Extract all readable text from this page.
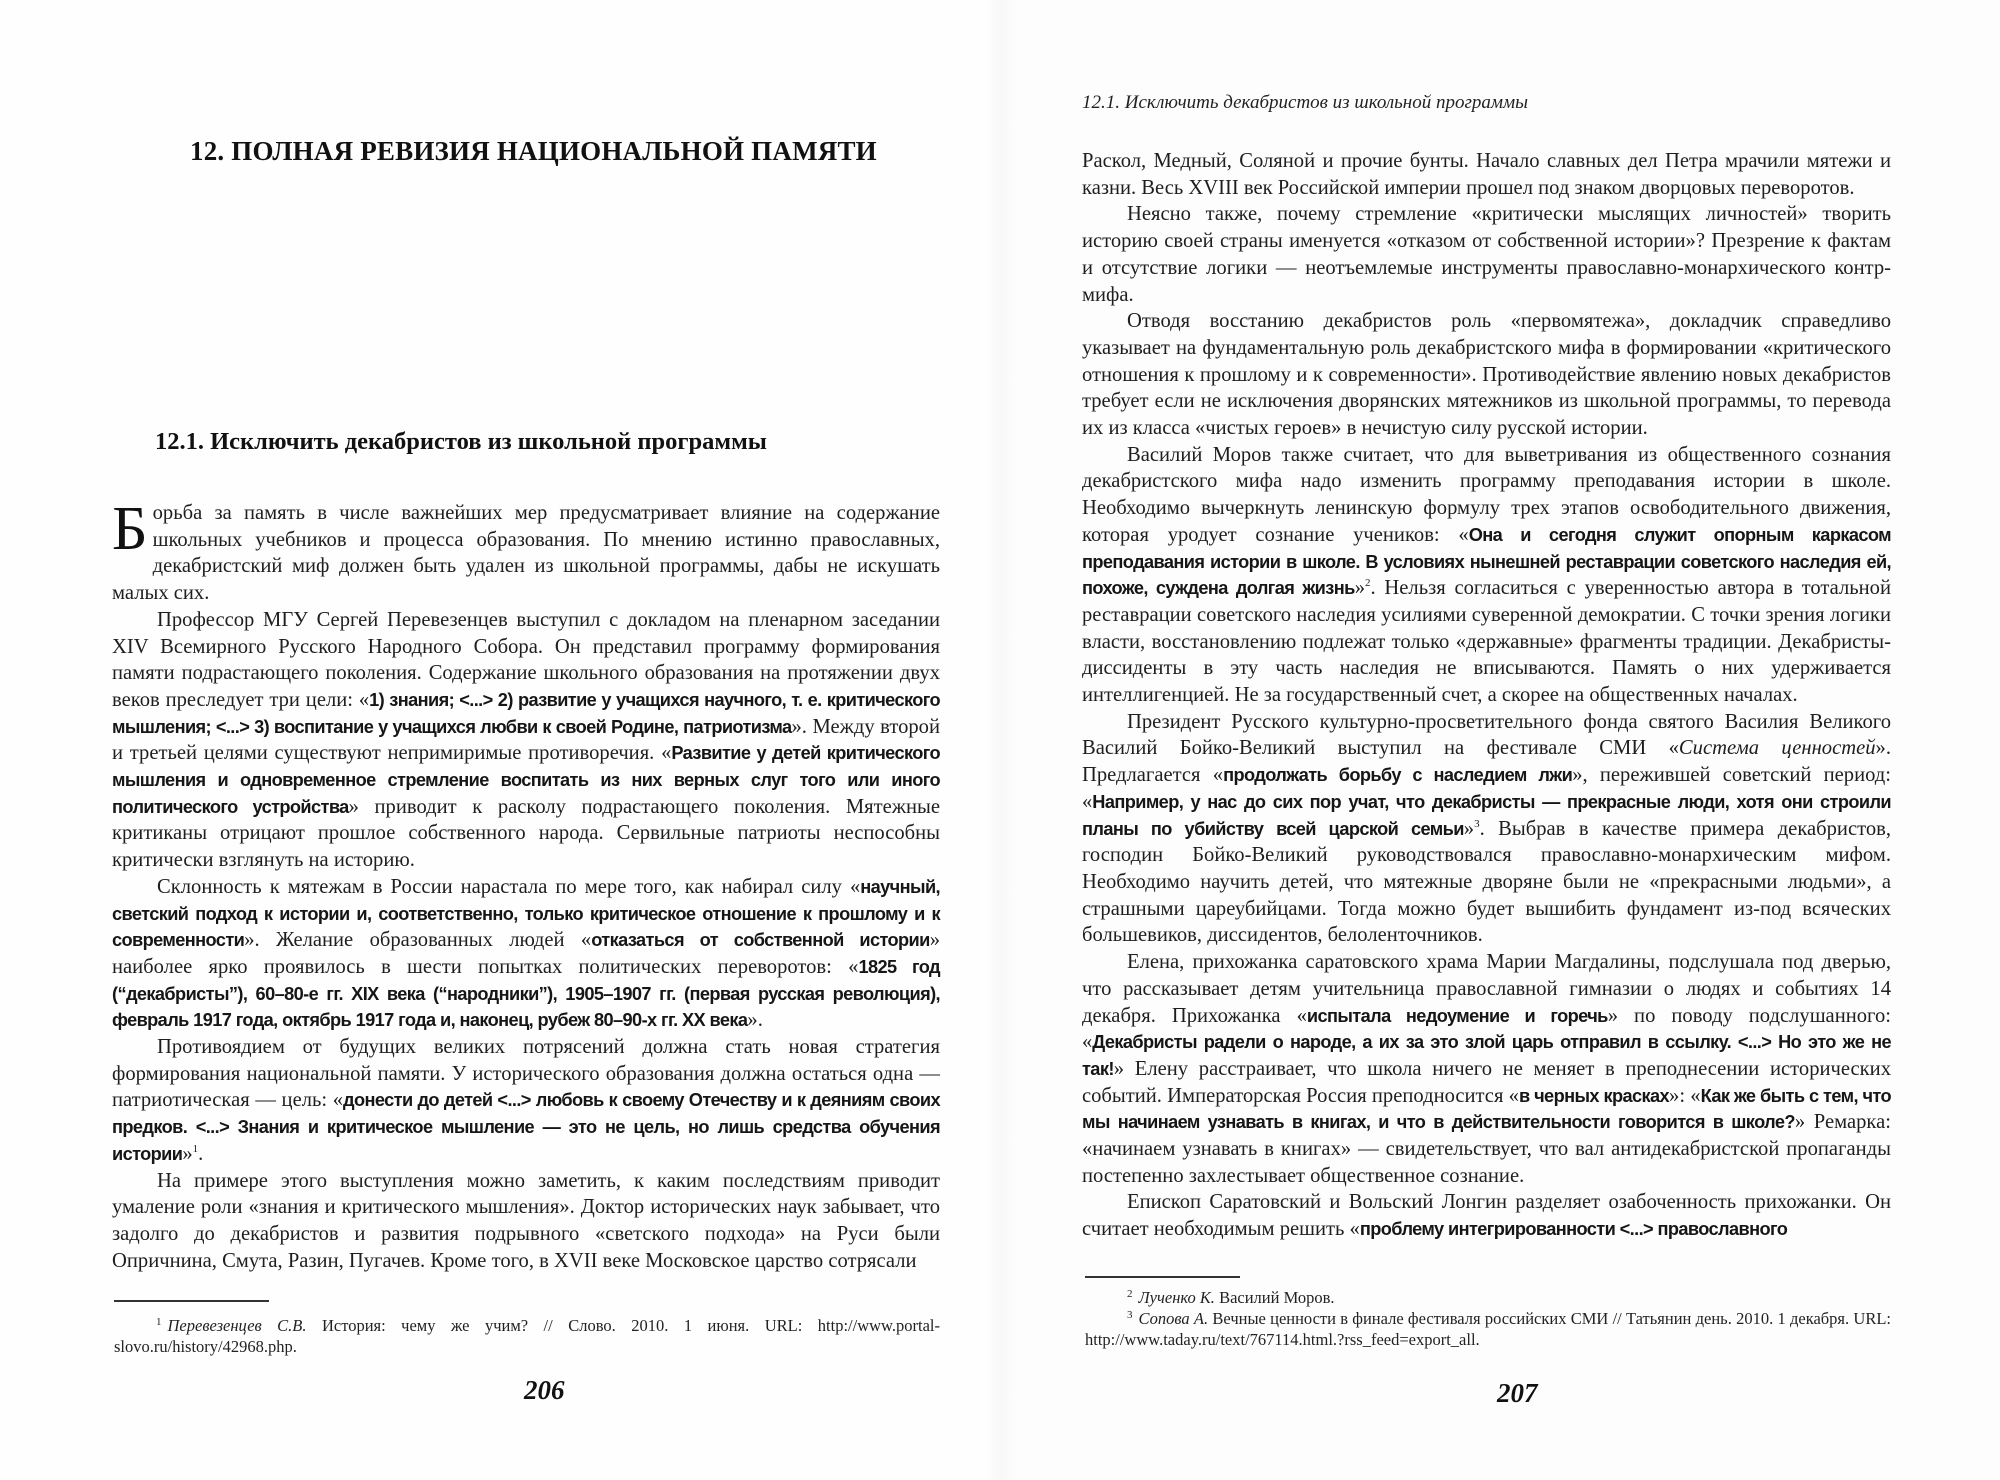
12. ПОЛНАЯ РЕВИЗИЯ НАЦИОНАЛЬНОЙ ПАМЯТИ
12.1. Исключить декабристов из школьной программы

Борьба за память в числе важнейших мер предусматривает влияние на содержание школьных учебников и процесса образования. По мнению истинно православных, декабристский миф должен быть удален из школьной программы, дабы не искушать малых сих.

Профессор МГУ Сергей Перевезенцев выступил с докладом на пленарном заседании XIV Всемирного Русского Народного Собора. Он представил программу формирования памяти подрастающего поколения. Содержание школьного образования на протяжении двух веков преследует три цели: «1) знания; <...> 2) развитие у учащихся научного, т. е. критического мышления; <...> 3) воспитание у учащихся любви к своей Родине, патриотизма». Между второй и третьей целями существуют непримиримые противоречия. «Развитие у детей критического мышления и одновременное стремление воспитать из них верных слуг того или иного политического устройства» приводит к расколу подрастающего поколения. Мятежные критиканы отрицают прошлое собственного народа. Сервильные патриоты неспособны критически взглянуть на историю.

Склонность к мятежам в России нарастала по мере того, как набирал силу «научный, светский подход к истории и, соответственно, только критическое отношение к прошлому и к современности». Желание образованных людей «отказаться от собственной истории» наиболее ярко проявилось в шести попытках политических переворотов: «1825 год (“декабристы”), 60–80-е гг. XIX века (“народники”), 1905–1907 гг. (первая русская революция), февраль 1917 года, октябрь 1917 года и, наконец, рубеж 80–90-х гг. XX века».

Противоядием от будущих великих потрясений должна стать новая стратегия формирования национальной памяти. У исторического образования должна остаться одна — патриотическая — цель: «донести до детей <...> любовь к своему Отечеству и к деяниям своих предков. <...> Знания и критическое мышление — это не цель, но лишь средства обучения истории»$^1$.

На примере этого выступления можно заметить, к каким последствиям приводит умаление роли «знания и критического мышления». Доктор исторических наук забывает, что задолго до декабристов и развития подрывного «светского подхода» на Руси были Опричнина, Смута, Разин, Пугачев. Кроме того, в XVII веке Московское царство сотрясали

$^1$ Перевезенцев С.В. История: чему же учим? // Слово. 2010. 1 июня. URL: http://www.portal-slovo.ru/history/42968.php.

206
12.1. Исключить декабристов из школьной программы

Раскол, Медный, Соляной и прочие бунты. Начало славных дел Петра мрачили мятежи и казни. Весь XVIII век Российской империи прошел под знаком дворцовых переворотов.

Неясно также, почему стремление «критически мыслящих личностей» творить историю своей страны именуется «отказом от собственной истории»? Презрение к фактам и отсутствие логики — неотъемлемые инструменты православно-монархического контр-мифа.

Отводя восстанию декабристов роль «первомятежа», докладчик справедливо указывает на фундаментальную роль декабристского мифа в формировании «критического отношения к прошлому и к современности». Противодействие явлению новых декабристов требует если не исключения дворянских мятежников из школьной программы, то перевода их из класса «чистых героев» в нечистую силу русской истории.

Василий Моров также считает, что для выветривания из общественного сознания декабристского мифа надо изменить программу преподавания истории в школе. Необходимо вычеркнуть ленинскую формулу трех этапов освободительного движения, которая уродует сознание учеников: «Она и сегодня служит опорным каркасом преподавания истории в школе. В условиях нынешней реставрации советского наследия ей, похоже, суждена долгая жизнь»$^2$. Нельзя согласиться с уверенностью автора в тотальной реставрации советского наследия усилиями суверенной демократии. С точки зрения логики власти, восстановлению подлежат только «державные» фрагменты традиции. Декабристы-диссиденты в эту часть наследия не вписываются. Память о них удерживается интеллигенцией. Не за государственный счет, а скорее на общественных началах.

Президент Русского культурно-просветительного фонда святого Василия Великого Василий Бойко-Великий выступил на фестивале СМИ «Система ценностей». Предлагается «продолжать борьбу с наследием лжи», пережившей советский период: «Например, у нас до сих пор учат, что декабристы — прекрасные люди, хотя они строили планы по убийству всей царской семьи»$^3$. Выбрав в качестве примера декабристов, господин Бойко-Великий руководствовался православно-монархическим мифом. Необходимо научить детей, что мятежные дворяне были не «прекрасными людьми», а страшными цареубийцами. Тогда можно будет вышибить фундамент из-под всяческих большевиков, диссидентов, белоленточников.

Елена, прихожанка саратовского храма Марии Магдалины, подслушала под дверью, что рассказывает детям учительница православной гимназии о людях и событиях 14 декабря. Прихожанка «испытала недоумение и горечь» по поводу подслушанного: «Декабристы радели о народе, а их за это злой царь отправил в ссылку. <...> Но это же не так!» Елену расстраивает, что школа ничего не меняет в преподнесении исторических событий. Императорская Россия преподносится «в черных красках»: «Как же быть с тем, что мы начинаем узнавать в книгах, и что в действительности говорится в школе?» Ремарка: «начинаем узнавать в книгах» — свидетельствует, что вал антидекабристской пропаганды постепенно захлестывает общественное сознание.

Епископ Саратовский и Вольский Лонгин разделяет озабоченность прихожанки. Он считает необходимым решить «проблему интегрированности <...> православного

$^2$ Лученко К. Василий Моров.

$^3$ Сопова А. Вечные ценности в финале фестиваля российских СМИ // Татьянин день. 2010. 1 декабря. URL: http://www.taday.ru/text/767114.html.?rss_feed=export_all.

207
